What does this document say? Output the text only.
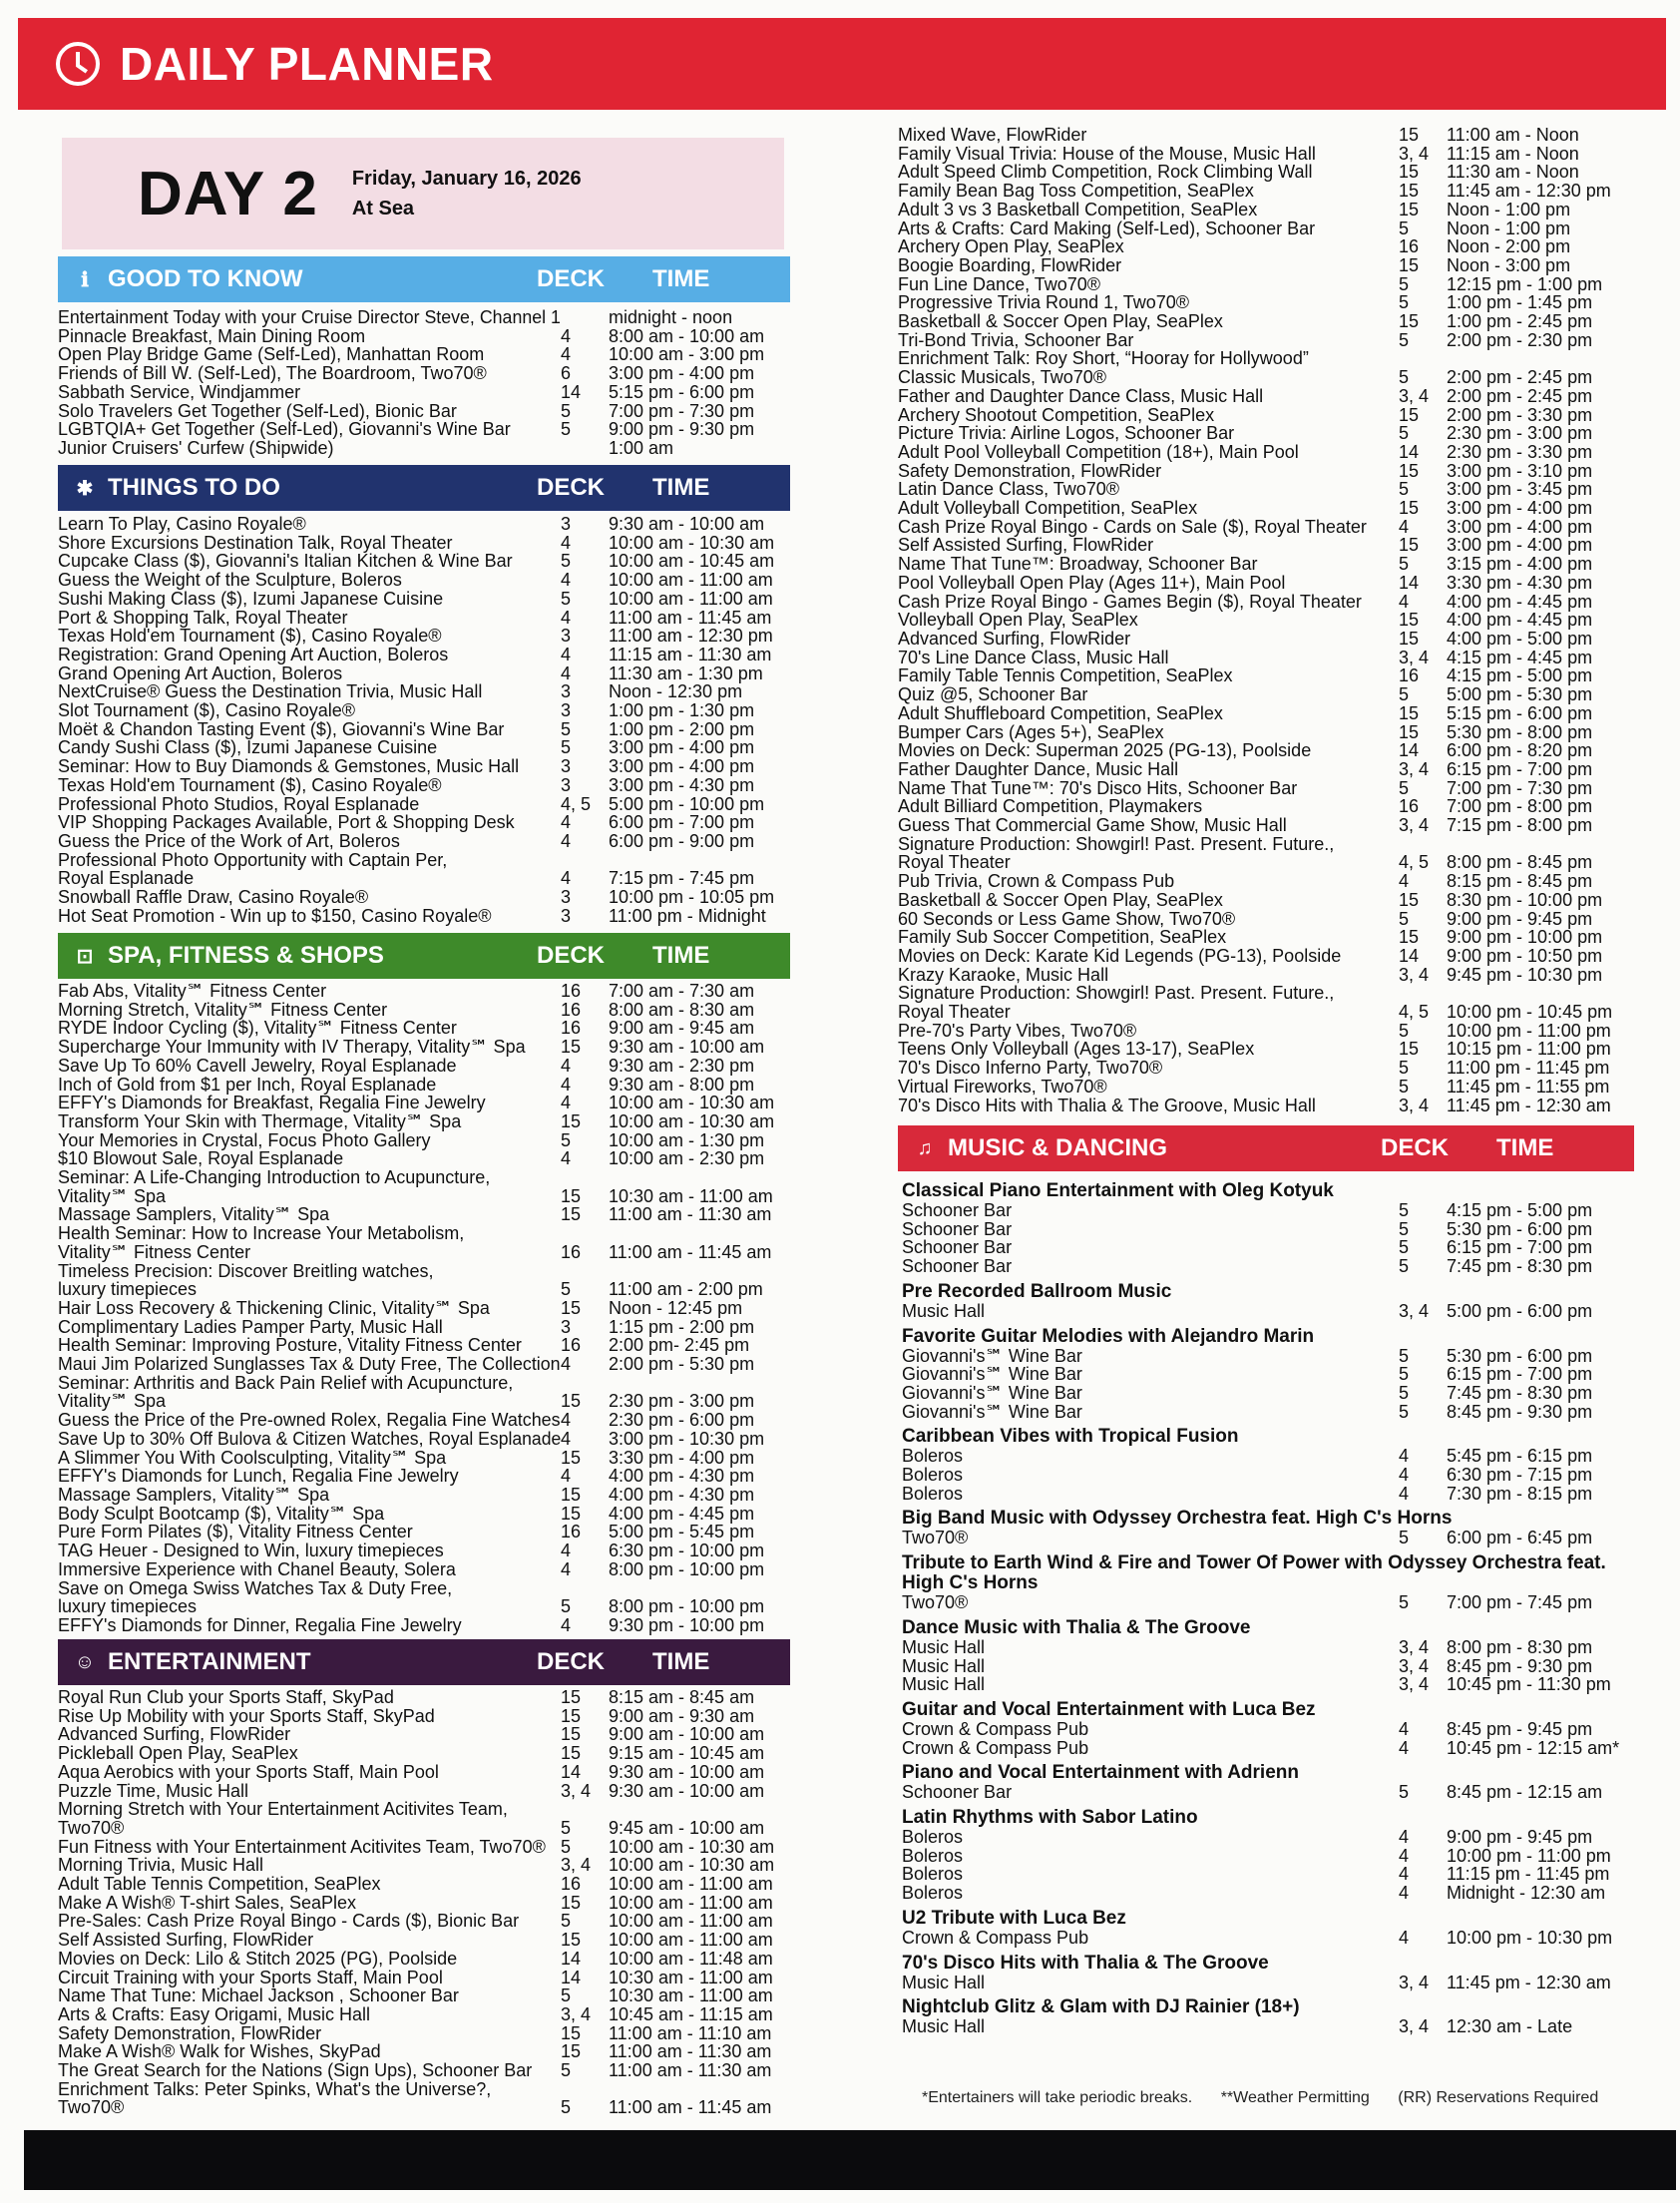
DAILY PLANNER
DAY 2 Friday, January 16, 2026
At Sea
ℹ GOOD TO KNOW	DECK	TIME
Entertainment Today with your Cruise Director Steve, Channel 1	midnight - noon
Pinnacle Breakfast, Main Dining Room	4	8:00 am - 10:00 am
Open Play Bridge Game (Self-Led), Manhattan Room	4	10:00 am - 3:00 pm
Friends of Bill W. (Self-Led), The Boardroom, Two70®	6	3:00 pm - 4:00 pm
Sabbath Service, Windjammer	14	5:15 pm - 6:00 pm
Solo Travelers Get Together (Self-Led), Bionic Bar	5	7:00 pm - 7:30 pm
LGBTQIA+ Get Together (Self-Led), Giovanni's Wine Bar	5	9:00 pm - 9:30 pm
Junior Cruisers' Curfew (Shipwide)	1:00 am
✱ THINGS TO DO	DECK	TIME
Learn To Play, Casino Royale®	3	9:30 am - 10:00 am
Shore Excursions Destination Talk, Royal Theater	4	10:00 am - 10:30 am
Cupcake Class ($), Giovanni's Italian Kitchen & Wine Bar	5	10:00 am - 10:45 am
Guess the Weight of the Sculpture, Boleros	4	10:00 am - 11:00 am
Sushi Making Class ($), Izumi Japanese Cuisine	5	10:00 am - 11:00 am
Port & Shopping Talk, Royal Theater	4	11:00 am - 11:45 am
Texas Hold'em Tournament ($), Casino Royale®	3	11:00 am - 12:30 pm
Registration: Grand Opening Art Auction, Boleros	4	11:15 am - 11:30 am
Grand Opening Art Auction, Boleros	4	11:30 am - 1:30 pm
NextCruise® Guess the Destination Trivia, Music Hall	3	Noon - 12:30 pm
Slot Tournament ($), Casino Royale®	3	1:00 pm - 1:30 pm
Moët & Chandon Tasting Event ($), Giovanni's Wine Bar	5	1:00 pm - 2:00 pm
Candy Sushi Class ($), Izumi Japanese Cuisine	5	3:00 pm - 4:00 pm
Seminar: How to Buy Diamonds & Gemstones, Music Hall	3	3:00 pm - 4:00 pm
Texas Hold'em Tournament ($), Casino Royale®	3	3:00 pm - 4:30 pm
Professional Photo Studios, Royal Esplanade	4, 5 5:00 pm - 10:00 pm
VIP Shopping Packages Available, Port & Shopping Desk	4	6:00 pm - 7:00 pm
Guess the Price of the Work of Art, Boleros	4	6:00 pm - 9:00 pm
Professional Photo Opportunity with Captain Per,
Royal Esplanade	4	7:15 pm - 7:45 pm
Snowball Raffle Draw, Casino Royale®	3	10:00 pm - 10:05 pm
Hot Seat Promotion - Win up to $150, Casino Royale®	3	11:00 pm - Midnight
⊡ SPA, FITNESS & SHOPS	DECK	TIME
Fab Abs, Vitality℠ Fitness Center	16	7:00 am - 7:30 am
Morning Stretch, Vitality℠ Fitness Center	16	8:00 am - 8:30 am
RYDE Indoor Cycling ($), Vitality℠ Fitness Center	16	9:00 am - 9:45 am
Supercharge Your Immunity with IV Therapy, Vitality℠ Spa	15	9:30 am - 10:00 am
Save Up To 60% Cavell Jewelry, Royal Esplanade	4	9:30 am - 2:30 pm
Inch of Gold from $1 per Inch, Royal Esplanade	4	9:30 am - 8:00 pm
EFFY's Diamonds for Breakfast, Regalia Fine Jewelry	4	10:00 am - 10:30 am
Transform Your Skin with Thermage, Vitality℠ Spa	15	10:00 am - 10:30 am
Your Memories in Crystal, Focus Photo Gallery	5	10:00 am - 1:30 pm
$10 Blowout Sale, Royal Esplanade	4	10:00 am - 2:30 pm
Seminar: A Life-Changing Introduction to Acupuncture,
Vitality℠ Spa	15	10:30 am - 11:00 am
Massage Samplers, Vitality℠ Spa	15	11:00 am - 11:30 am
Health Seminar: How to Increase Your Metabolism,
Vitality℠ Fitness Center	16	11:00 am - 11:45 am
Timeless Precision: Discover Breitling watches,
luxury timepieces	5	11:00 am - 2:00 pm
Hair Loss Recovery & Thickening Clinic, Vitality℠ Spa	15	Noon - 12:45 pm
Complimentary Ladies Pamper Party, Music Hall	3	1:15 pm - 2:00 pm
Health Seminar: Improving Posture, Vitality Fitness Center	16	2:00 pm- 2:45 pm
Maui Jim Polarized Sunglasses Tax & Duty Free, The Collection 4	2:00 pm - 5:30 pm
Seminar: Arthritis and Back Pain Relief with Acupuncture,
Vitality℠ Spa	15	2:30 pm - 3:00 pm
Guess the Price of the Pre-owned Rolex, Regalia Fine Watches 4	2:30 pm - 6:00 pm
Save Up to 30% Off Bulova & Citizen Watches, Royal Esplanade 4	3:00 pm - 10:30 pm
A Slimmer You With Coolsculpting, Vitality℠ Spa	15	3:30 pm - 4:00 pm
EFFY's Diamonds for Lunch, Regalia Fine Jewelry	4	4:00 pm - 4:30 pm
Massage Samplers, Vitality℠ Spa	15	4:00 pm - 4:30 pm
Body Sculpt Bootcamp ($), Vitality℠ Spa	15	4:00 pm - 4:45 pm
Pure Form Pilates ($), Vitality Fitness Center	16	5:00 pm - 5:45 pm
TAG Heuer - Designed to Win, luxury timepieces	4	6:30 pm - 10:00 pm
Immersive Experience with Chanel Beauty, Solera	4	8:00 pm - 10:00 pm
Save on Omega Swiss Watches Tax & Duty Free,
luxury timepieces	5	8:00 pm - 10:00 pm
EFFY's Diamonds for Dinner, Regalia Fine Jewelry	4	9:30 pm - 10:00 pm
☺ ENTERTAINMENT	DECK	TIME
Royal Run Club your Sports Staff, SkyPad	15	8:15 am - 8:45 am
Rise Up Mobility with your Sports Staff, SkyPad	15	9:00 am - 9:30 am
Advanced Surfing, FlowRider	15	9:00 am - 10:00 am
Pickleball Open Play, SeaPlex	15	9:15 am - 10:45 am
Aqua Aerobics with your Sports Staff, Main Pool	14	9:30 am - 10:00 am
Puzzle Time, Music Hall	3, 4 9:30 am - 10:00 am
Morning Stretch with Your Entertainment Acitivites Team,
Two70®	5	9:45 am - 10:00 am
Fun Fitness with Your Entertainment Acitivites Team, Two70® 5	10:00 am - 10:30 am
Morning Trivia, Music Hall	3, 4 10:00 am - 10:30 am
Adult Table Tennis Competition, SeaPlex	16	10:00 am - 11:00 am
Make A Wish® T-shirt Sales, SeaPlex	15	10:00 am - 11:00 am
Pre-Sales: Cash Prize Royal Bingo - Cards ($), Bionic Bar	5	10:00 am - 11:00 am
Self Assisted Surfing, FlowRider	15	10:00 am - 11:00 am
Movies on Deck: Lilo & Stitch 2025 (PG), Poolside	14	10:00 am - 11:48 am
Circuit Training with your Sports Staff, Main Pool	14	10:30 am - 11:00 am
Name That Tune: Michael Jackson , Schooner Bar	5	10:30 am - 11:00 am
Arts & Crafts: Easy Origami, Music Hall	3, 4 10:45 am - 11:15 am
Safety Demonstration, FlowRider	15	11:00 am - 11:10 am
Make A Wish® Walk for Wishes, SkyPad	15	11:00 am - 11:30 am
The Great Search for the Nations (Sign Ups), Schooner Bar	5	11:00 am - 11:30 am
Enrichment Talks: Peter Spinks, What's the Universe?,
Two70®	5	11:00 am - 11:45 am
Mixed Wave, FlowRider	15	11:00 am - Noon
Family Visual Trivia: House of the Mouse, Music Hall	3, 4 11:15 am - Noon
Adult Speed Climb Competition, Rock Climbing Wall	15	11:30 am - Noon
Family Bean Bag Toss Competition, SeaPlex	15	11:45 am - 12:30 pm
Adult 3 vs 3 Basketball Competition, SeaPlex	15	Noon - 1:00 pm
Arts & Crafts: Card Making (Self-Led), Schooner Bar	5	Noon - 1:00 pm
Archery Open Play, SeaPlex	16	Noon - 2:00 pm
Boogie Boarding, FlowRider	15	Noon - 3:00 pm
Fun Line Dance, Two70®	5	12:15 pm - 1:00 pm
Progressive Trivia Round 1, Two70®	5	1:00 pm - 1:45 pm
Basketball & Soccer Open Play, SeaPlex	15	1:00 pm - 2:45 pm
Tri-Bond Trivia, Schooner Bar	5	2:00 pm - 2:30 pm
Enrichment Talk: Roy Short, “Hooray for Hollywood”
Classic Musicals, Two70®	5	2:00 pm - 2:45 pm
Father and Daughter Dance Class, Music Hall	3, 4 2:00 pm - 2:45 pm
Archery Shootout Competition, SeaPlex	15	2:00 pm - 3:30 pm
Picture Trivia: Airline Logos, Schooner Bar	5	2:30 pm - 3:00 pm
Adult Pool Volleyball Competition (18+), Main Pool	14	2:30 pm - 3:30 pm
Safety Demonstration, FlowRider	15	3:00 pm - 3:10 pm
Latin Dance Class, Two70®	5	3:00 pm - 3:45 pm
Adult Volleyball Competition, SeaPlex	15	3:00 pm - 4:00 pm
Cash Prize Royal Bingo - Cards on Sale ($), Royal Theater	4	3:00 pm - 4:00 pm
Self Assisted Surfing, FlowRider	15	3:00 pm - 4:00 pm
Name That Tune™: Broadway, Schooner Bar	5	3:15 pm - 4:00 pm
Pool Volleyball Open Play (Ages 11+), Main Pool	14	3:30 pm - 4:30 pm
Cash Prize Royal Bingo - Games Begin ($), Royal Theater	4	4:00 pm - 4:45 pm
Volleyball Open Play, SeaPlex	15	4:00 pm - 4:45 pm
Advanced Surfing, FlowRider	15	4:00 pm - 5:00 pm
70's Line Dance Class, Music Hall	3, 4 4:15 pm - 4:45 pm
Family Table Tennis Competition, SeaPlex	16	4:15 pm - 5:00 pm
Quiz @5, Schooner Bar	5	5:00 pm - 5:30 pm
Adult Shuffleboard Competition, SeaPlex	15	5:15 pm - 6:00 pm
Bumper Cars (Ages 5+), SeaPlex	15	5:30 pm - 8:00 pm
Movies on Deck: Superman 2025 (PG-13), Poolside	14	6:00 pm - 8:20 pm
Father Daughter Dance, Music Hall	3, 4 6:15 pm - 7:00 pm
Name That Tune™: 70's Disco Hits, Schooner Bar	5	7:00 pm - 7:30 pm
Adult Billiard Competition, Playmakers	16	7:00 pm - 8:00 pm
Guess That Commercial Game Show, Music Hall	3, 4 7:15 pm - 8:00 pm
Signature Production: Showgirl! Past. Present. Future.,
Royal Theater	4, 5 8:00 pm - 8:45 pm
Pub Trivia, Crown & Compass Pub	4	8:15 pm - 8:45 pm
Basketball & Soccer Open Play, SeaPlex	15	8:30 pm - 10:00 pm
60 Seconds or Less Game Show, Two70®	5	9:00 pm - 9:45 pm
Family Sub Soccer Competition, SeaPlex	15	9:00 pm - 10:00 pm
Movies on Deck: Karate Kid Legends (PG-13), Poolside	14	9:00 pm - 10:50 pm
Krazy Karaoke, Music Hall	3, 4 9:45 pm - 10:30 pm
Signature Production: Showgirl! Past. Present. Future.,
Royal Theater	4, 5 10:00 pm - 10:45 pm
Pre-70's Party Vibes, Two70®	5	10:00 pm - 11:00 pm
Teens Only Volleyball (Ages 13-17), SeaPlex	15	10:15 pm - 11:00 pm
70's Disco Inferno Party, Two70®	5	11:00 pm - 11:45 pm
Virtual Fireworks, Two70®	5	11:45 pm - 11:55 pm
70's Disco Hits with Thalia & The Groove, Music Hall	3, 4 11:45 pm - 12:30 am
♫ MUSIC & DANCING	DECK	TIME
Classical Piano Entertainment with Oleg Kotyuk
Schooner Bar	5	4:15 pm - 5:00 pm
Schooner Bar	5	5:30 pm - 6:00 pm
Schooner Bar	5	6:15 pm - 7:00 pm
Schooner Bar	5	7:45 pm - 8:30 pm
Pre Recorded Ballroom Music
Music Hall	3, 4 5:00 pm - 6:00 pm
Favorite Guitar Melodies with Alejandro Marin
Giovanni's℠ Wine Bar	5	5:30 pm - 6:00 pm
Giovanni's℠ Wine Bar	5	6:15 pm - 7:00 pm
Giovanni's℠ Wine Bar	5	7:45 pm - 8:30 pm
Giovanni's℠ Wine Bar	5	8:45 pm - 9:30 pm
Caribbean Vibes with Tropical Fusion
Boleros	4	5:45 pm - 6:15 pm
Boleros	4	6:30 pm - 7:15 pm
Boleros	4	7:30 pm - 8:15 pm
Big Band Music with Odyssey Orchestra feat. High C's Horns
Two70®	5	6:00 pm - 6:45 pm
Tribute to Earth Wind & Fire and Tower Of Power with Odyssey Orchestra feat. High C's Horns
Two70®	5	7:00 pm - 7:45 pm
Dance Music with Thalia & The Groove
Music Hall	3, 4 8:00 pm - 8:30 pm
Music Hall	3, 4 8:45 pm - 9:30 pm
Music Hall	3, 4 10:45 pm - 11:30 pm
Guitar and Vocal Entertainment with Luca Bez
Crown & Compass Pub	4	8:45 pm - 9:45 pm
Crown & Compass Pub	4	10:45 pm - 12:15 am*
Piano and Vocal Entertainment with Adrienn
Schooner Bar	5	8:45 pm - 12:15 am
Latin Rhythms with Sabor Latino
Boleros	4	9:00 pm - 9:45 pm
Boleros	4	10:00 pm - 11:00 pm
Boleros	4	11:15 pm - 11:45 pm
Boleros	4	Midnight - 12:30 am
U2 Tribute with Luca Bez
Crown & Compass Pub	4	10:00 pm - 10:30 pm
70's Disco Hits with Thalia & The Groove
Music Hall	3, 4 11:45 pm - 12:30 am
Nightclub Glitz & Glam with DJ Rainier (18+)
Music Hall	3, 4 12:30 am - Late
*Entertainers will take periodic breaks. **Weather Permitting (RR) Reservations Required
